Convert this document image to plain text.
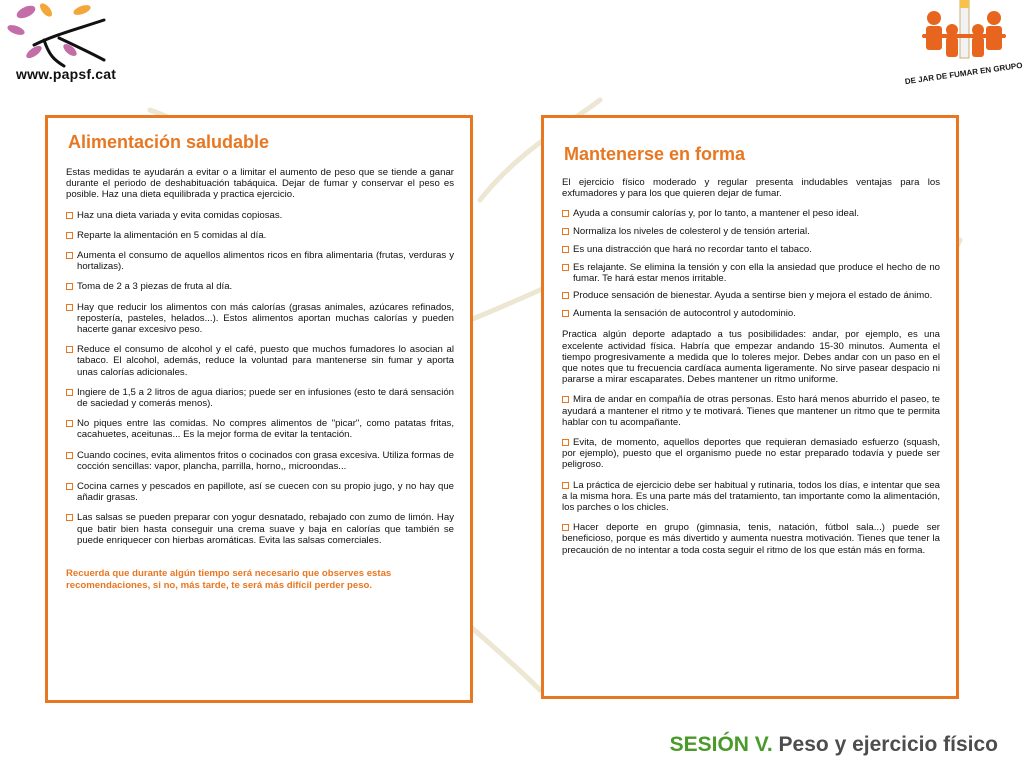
www.papsf.cat	DE JAR DE FUMAR EN GRUPO
Alimentación saludable

Estas medidas te ayudarán a evitar o a limitar el aumento de peso que se tiende a ganar durante el periodo de deshabituación tabáquica. Dejar de fumar y conservar el peso es posible. Haz una dieta equilibrada y practica ejercicio.

Haz una dieta variada y evita comidas copiosas.
Reparte la alimentación en 5 comidas al día.
Aumenta el consumo de aquellos alimentos ricos en fibra alimentaria (frutas, verduras y hortalizas).
Toma de 2 a 3 piezas de fruta al día.
Hay que reducir los alimentos con más calorías (grasas animales, azúcares refinados, repostería, pasteles, helados...). Estos alimentos aportan muchas calorías y pueden hacerte ganar excesivo peso.
Reduce el consumo de alcohol y el café, puesto que muchos fumadores lo asocian al tabaco. El alcohol, además, reduce la voluntad para mantenerse sin fumar y aporta unas calorías adicionales.
Ingiere de 1,5 a 2 litros de agua diarios; puede ser en infusiones (esto te dará sensación de saciedad y comerás menos).
No piques entre las comidas. No compres alimentos de "picar", como patatas fritas, cacahuetes, aceitunas... Es la mejor forma de evitar la tentación.
Cuando cocines, evita alimentos fritos o cocinados con grasa excesiva. Utiliza formas de cocción sencillas: vapor, plancha, parrilla, horno,, microondas...
Cocina carnes y pescados en papillote, así se cuecen con su propio jugo, y no hay que añadir grasas.
Las salsas se pueden preparar con yogur desnatado, rebajado con zumo de limón. Hay que batir bien hasta conseguir una crema suave y baja en calorías que también se puede enriquecer con hierbas aromáticas. Evita las salsas comerciales.

Recuerda que durante algún tiempo será necesario que observes estas recomendaciones, si no, más tarde, te será más difícil perder peso.

Mantenerse en forma

El ejercicio físico moderado y regular presenta indudables ventajas para los exfumadores y para los que quieren dejar de fumar.

Ayuda a consumir calorías y, por lo tanto, a mantener el peso ideal.
Normaliza los niveles de colesterol y de tensión arterial.
Es una distracción que hará no recordar tanto el tabaco.
Es relajante. Se elimina la tensión y con ella la ansiedad que produce el hecho de no fumar. Te hará estar menos irritable.
Produce sensación de bienestar. Ayuda a sentirse bien y mejora el estado de ánimo.
Aumenta la sensación de autocontrol y autodominio.

Practica algún deporte adaptado a tus posibilidades: andar, por ejemplo, es una excelente actividad física. Habría que empezar andando 15-30 minutos. Aumenta el tiempo progresivamente a medida que lo toleres mejor. Debes andar con un paso en el que notes que tu frecuencia cardíaca aumenta ligeramente. No sirve pasear despacio ni pararse a mirar escaparates. Debes mantener un ritmo uniforme.

Mira de andar en compañía de otras personas. Esto hará menos aburrido el paseo, te ayudará a mantener el ritmo y te motivará. Tienes que mantener un ritmo que te permita hablar con tu acompañante.

Evita, de momento, aquellos deportes que requieran demasiado esfuerzo (squash, por ejemplo), puesto que el organismo puede no estar preparado todavía y puede ser peligroso.

La práctica de ejercicio debe ser habitual y rutinaria, todos los días, e intentar que sea a la misma hora. Es una parte más del tratamiento, tan importante como la alimentación, los parches o los chicles.

Hacer deporte en grupo (gimnasia, tenis, natación, fútbol sala...) puede ser beneficioso, porque es más divertido y aumenta nuestra motivación. Tienes que tener la precaución de no intentar a toda costa seguir el ritmo de los que están más en forma.

SESIÓN V. Peso y ejercicio físico
